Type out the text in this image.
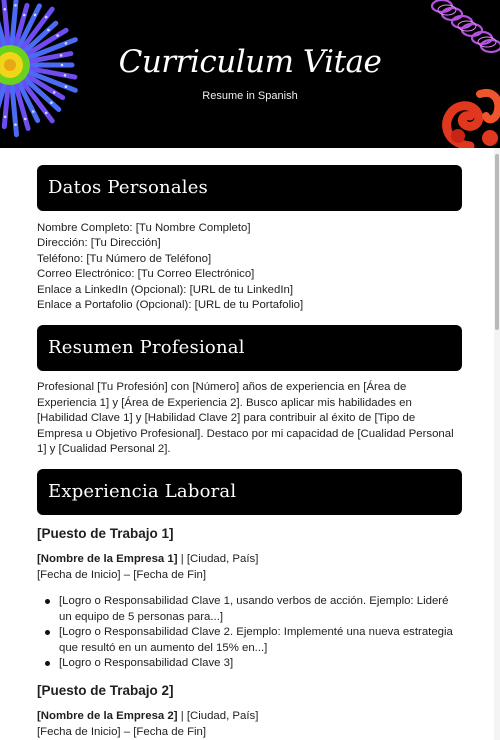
Curriculum Vitae
Resume in Spanish
Datos Personales
Nombre Completo: [Tu Nombre Completo]
Dirección: [Tu Dirección]
Teléfono: [Tu Número de Teléfono]
Correo Electrónico: [Tu Correo Electrónico]
Enlace a LinkedIn (Opcional): [URL de tu LinkedIn]
Enlace a Portafolio (Opcional): [URL de tu Portafolio]
Resumen Profesional
Profesional [Tu Profesión] con [Número] años de experiencia en [Área de Experiencia 1] y [Área de Experiencia 2]. Busco aplicar mis habilidades en [Habilidad Clave 1] y [Habilidad Clave 2] para contribuir al éxito de [Tipo de Empresa u Objetivo Profesional]. Destaco por mi capacidad de [Cualidad Personal 1] y [Cualidad Personal 2].
Experiencia Laboral
[Puesto de Trabajo 1]
[Nombre de la Empresa 1] | [Ciudad, País]
[Fecha de Inicio] – [Fecha de Fin]
[Logro o Responsabilidad Clave 1, usando verbos de acción. Ejemplo: Lideré un equipo de 5 personas para...]
[Logro o Responsabilidad Clave 2. Ejemplo: Implementé una nueva estrategia que resultó en un aumento del 15% en...]
[Logro o Responsabilidad Clave 3]
[Puesto de Trabajo 2]
[Nombre de la Empresa 2] | [Ciudad, País]
[Fecha de Inicio] – [Fecha de Fin]
